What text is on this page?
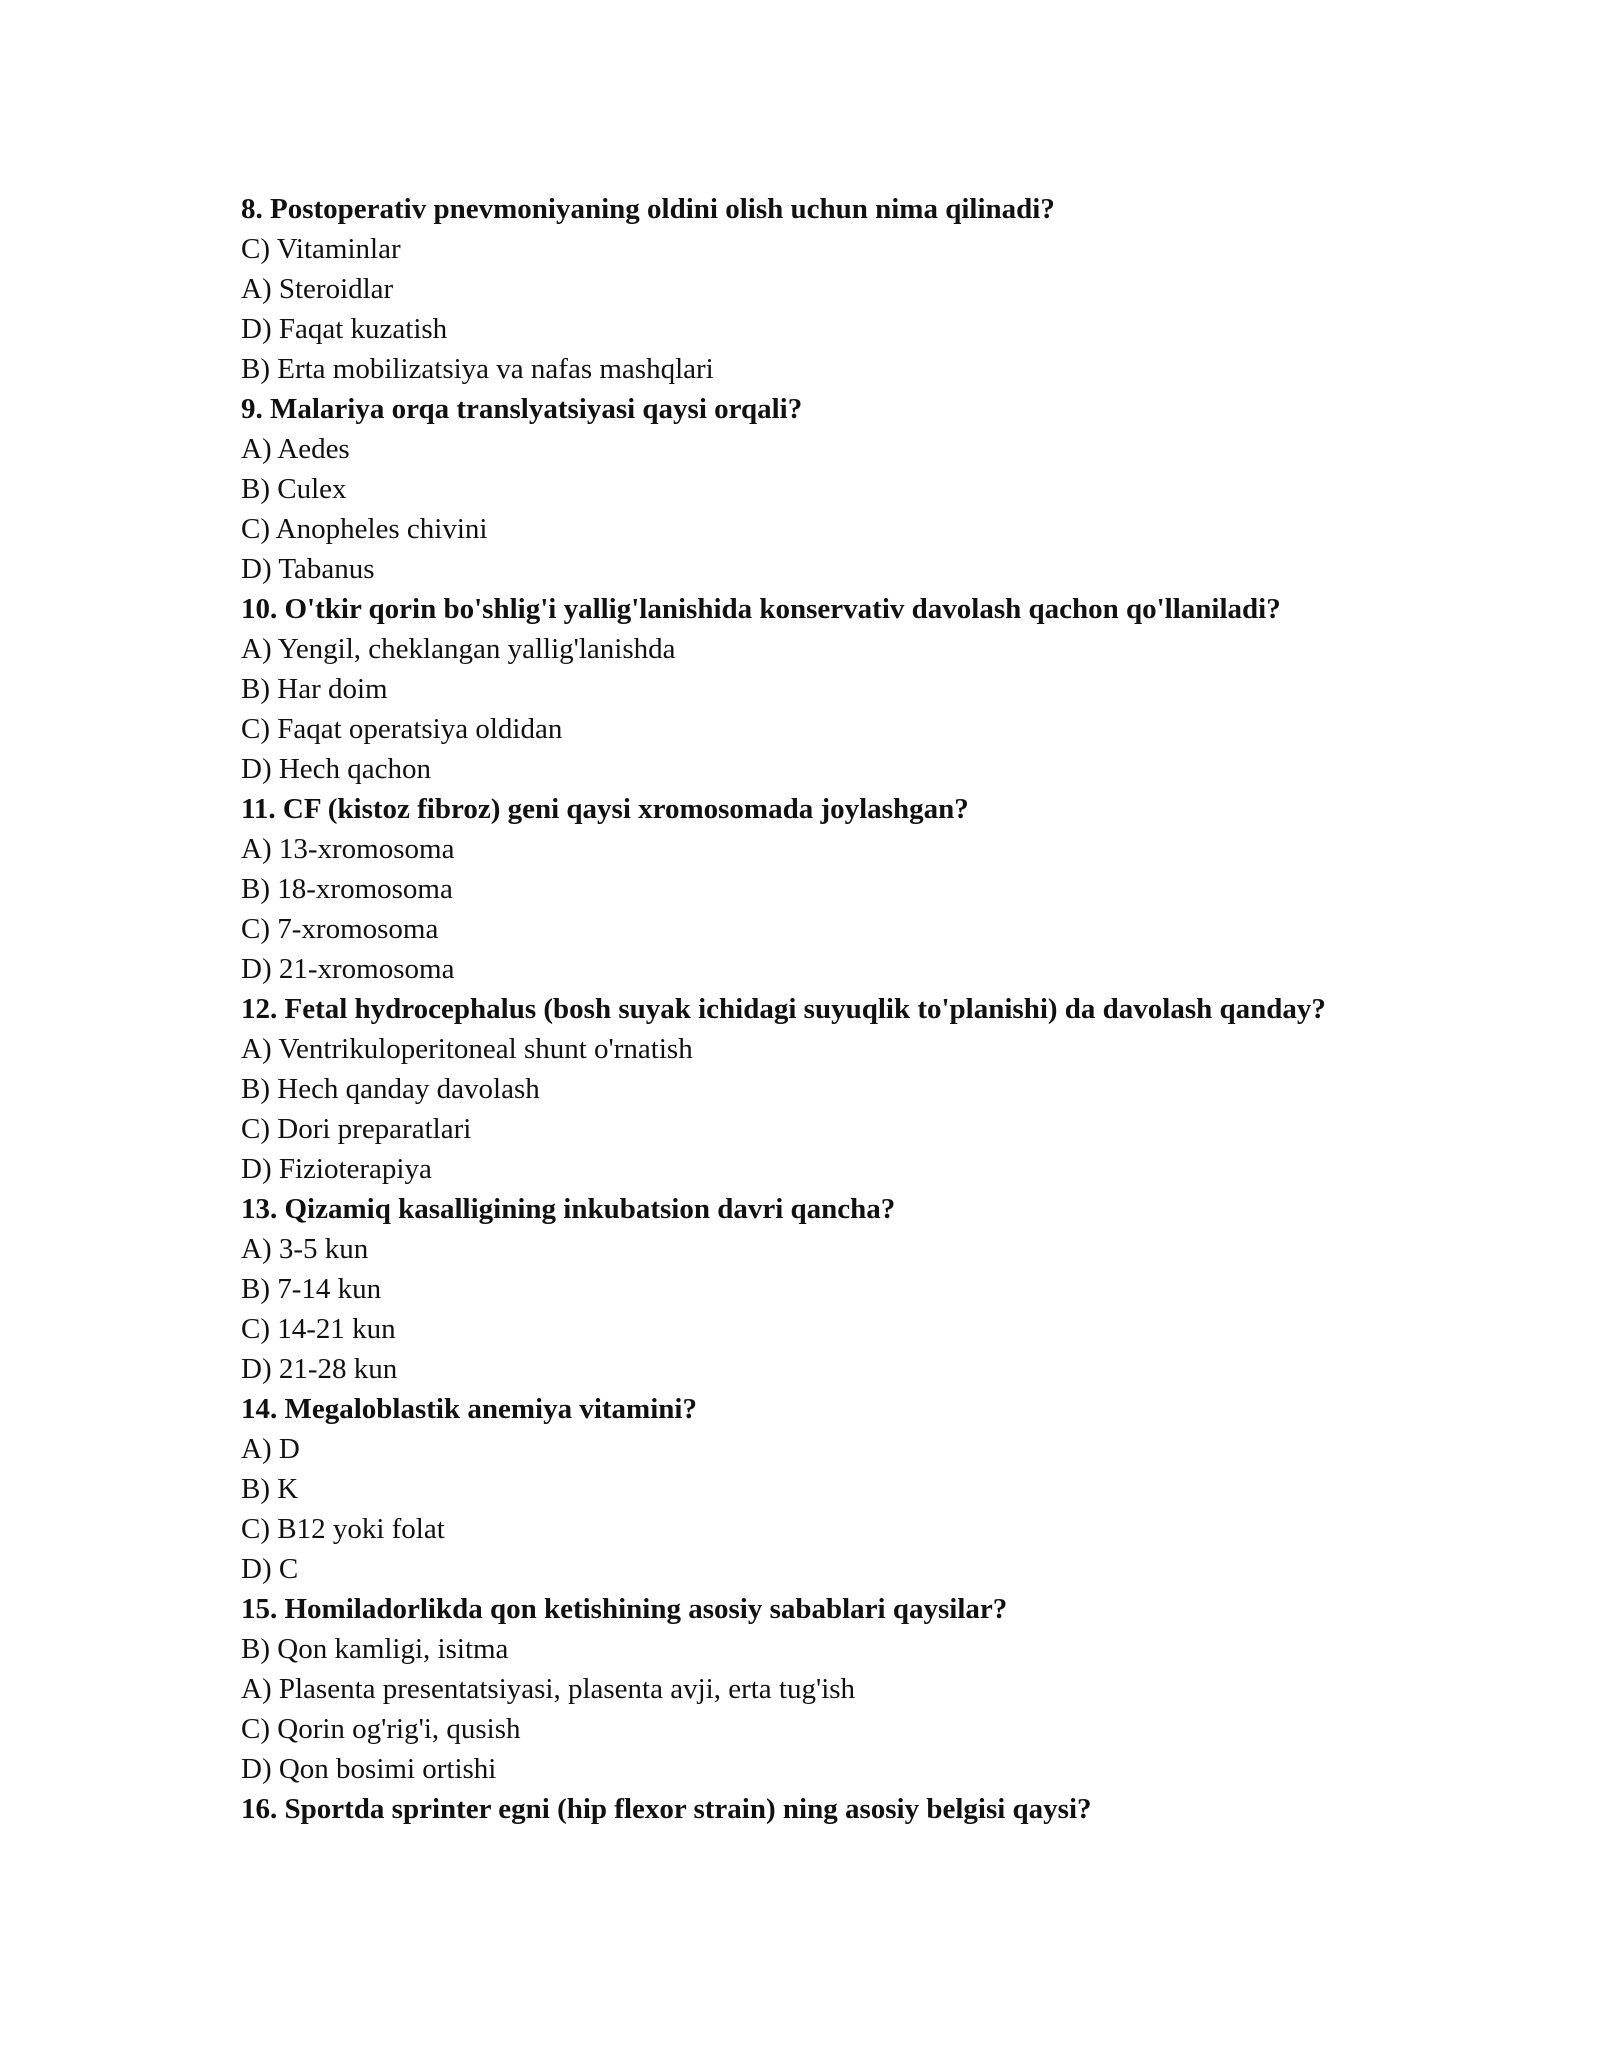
8. Postoperativ pnevmoniyaning oldini olish uchun nima qilinadi?
C) Vitaminlar
A) Steroidlar
D) Faqat kuzatish
B) Erta mobilizatsiya va nafas mashqlari
9. Malariya orqa translyatsiyasi qaysi orqali?
A) Aedes
B) Culex
C) Anopheles chivini
D) Tabanus
10. O'tkir qorin bo'shlig'i yallig'lanishida konservativ davolash qachon qo'llaniladi?
A) Yengil, cheklangan yallig'lanishda
B) Har doim
C) Faqat operatsiya oldidan
D) Hech qachon
11. CF (kistoz fibroz) geni qaysi xromosomada joylashgan?
A) 13-xromosoma
B) 18-xromosoma
C) 7-xromosoma
D) 21-xromosoma
12. Fetal hydrocephalus (bosh suyak ichidagi suyuqlik to'planishi) da davolash qanday?
A) Ventrikuloperitoneal shunt o'rnatish
B) Hech qanday davolash
C) Dori preparatlari
D) Fizioterapiya
13. Qizamiq kasalligining inkubatsion davri qancha?
A) 3-5 kun
B) 7-14 kun
C) 14-21 kun
D) 21-28 kun
14. Megaloblastik anemiya vitamini?
A) D
B) K
C) B12 yoki folat
D) C
15. Homiladorlikda qon ketishining asosiy sabablari qaysilar?
B) Qon kamligi, isitma
A) Plasenta presentatsiyasi, plasenta avji, erta tug'ish
C) Qorin og'rig'i, qusish
D) Qon bosimi ortishi
16. Sportda sprinter egni (hip flexor strain) ning asosiy belgisi qaysi?
